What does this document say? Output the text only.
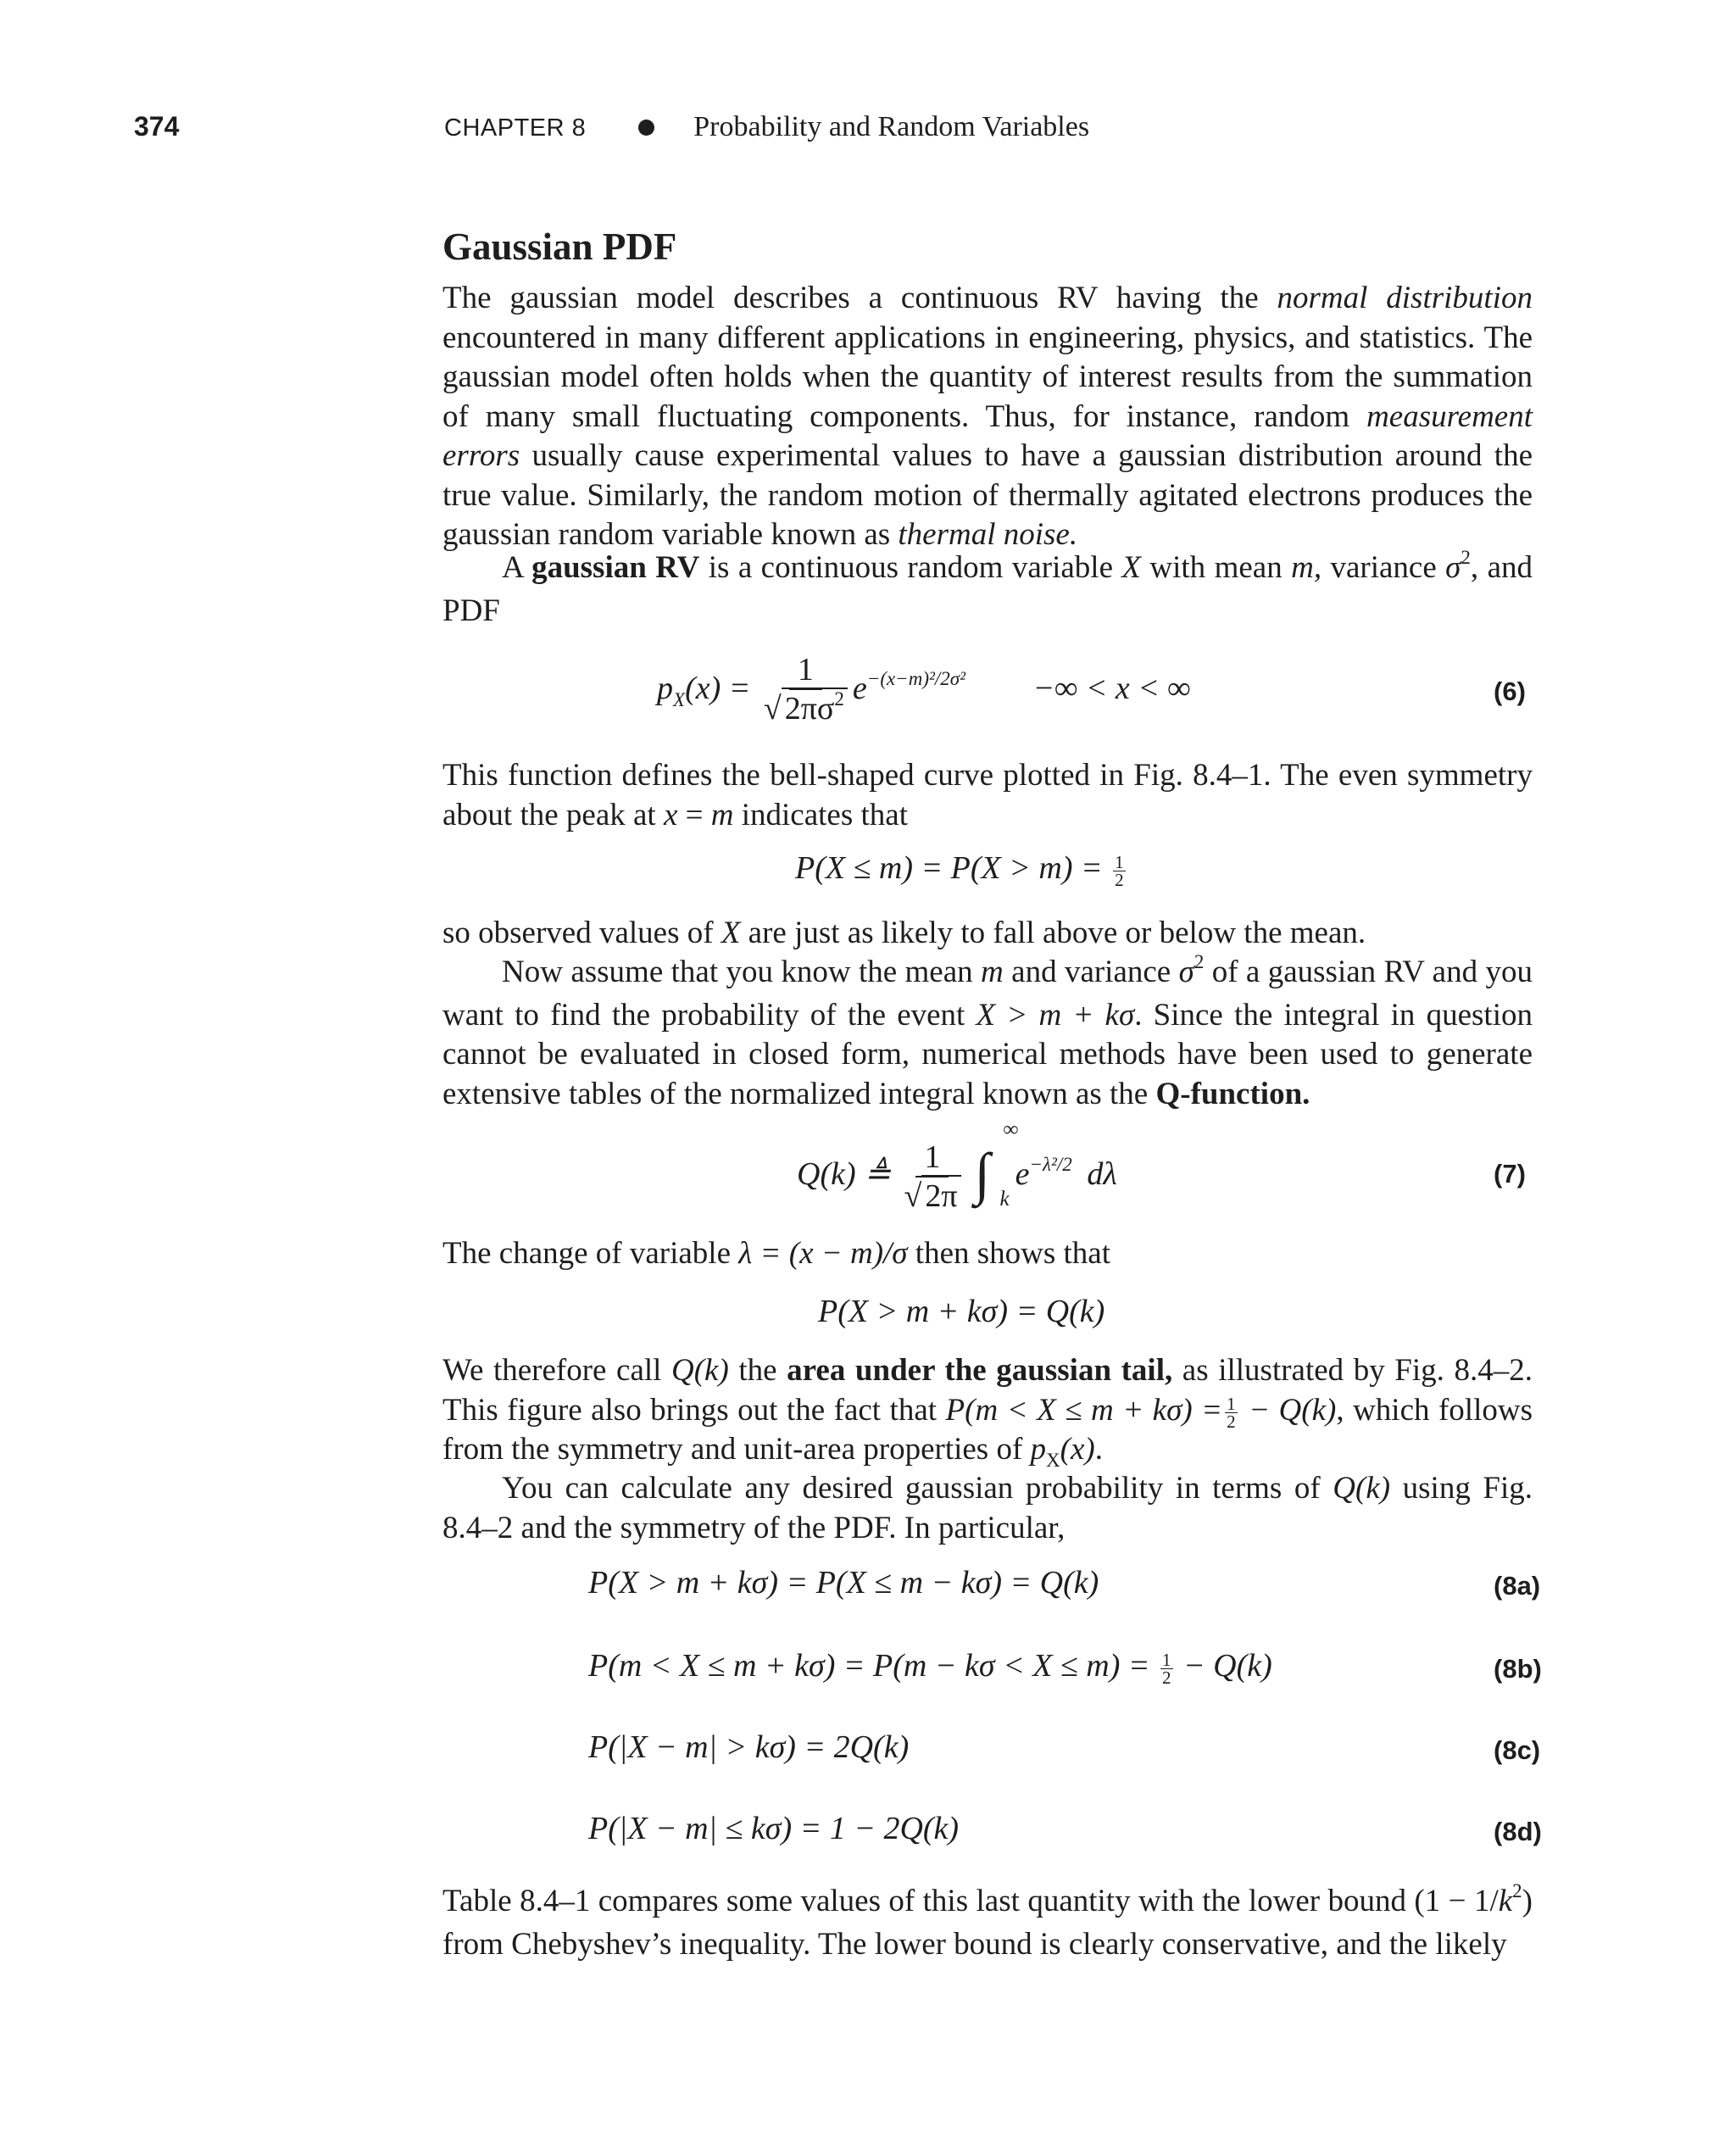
374	CHAPTER 8	Probability and Random Variables
Gaussian PDF
The gaussian model describes a continuous RV having the normal distribution encountered in many different applications in engineering, physics, and statistics. The gaussian model often holds when the quantity of interest results from the summation of many small fluctuating components. Thus, for instance, random measurement errors usually cause experimental values to have a gaussian distribution around the true value. Similarly, the random motion of thermally agitated electrons produces the gaussian random variable known as thermal noise.
A gaussian RV is a continuous random variable X with mean m, variance $\sigma^2$, and PDF
$p_X(x) = \frac{1}{√ 2\pi\sigma^2} e^{-(x-m)^2/2\sigma^2}$ −∞ < x < ∞	(6)
This function defines the bell-shaped curve plotted in Fig. 8.4–1. The even symmetry about the peak at x = m indicates that
$P(X \le m) = P(X > m) = \frac{1}{2}$
so observed values of X are just as likely to fall above or below the mean.
Now assume that you know the mean m and variance $\sigma^2$ of a gaussian RV and you want to find the probability of the event X > m + kσ. Since the integral in question cannot be evaluated in closed form, numerical methods have been used to generate extensive tables of the normalized integral known as the Q-function.
Q(k) ≜ $\frac{1}{√ 2\pi}$ ∫
∞
k
$e^{-\lambda^2/2}$ dλ	(7)
The change of variable λ = (x − m)/σ then shows that
P(X > m + kσ) = Q(k)
We therefore call Q(k) the area under the gaussian tail, as illustrated by Fig. 8.4–2. This figure also brings out the fact that $P(m < X \le m + k\sigma) = \frac{1}{2} - Q(k)$, which follows from the symmetry and unit-area properties of $p_X(x)$.
You can calculate any desired gaussian probability in terms of Q(k) using Fig. 8.4–2 and the symmetry of the PDF. In particular,
P(X > m + kσ) = P(X ≤ m − kσ) = Q(k)	(8a)
$P(m < X \le m + k\sigma) = P(m - k\sigma < X \le m) = \frac{1}{2} - Q(k)$	(8b)
P(|X − m| > kσ) = 2Q(k)	(8c)
P(|X − m| ≤ kσ) = 1 − 2Q(k)	(8d)
Table 8.4–1 compares some values of this last quantity with the lower bound $(1 - 1/k^2)$ from Chebyshev’s inequality. The lower bound is clearly conservative, and the likely
